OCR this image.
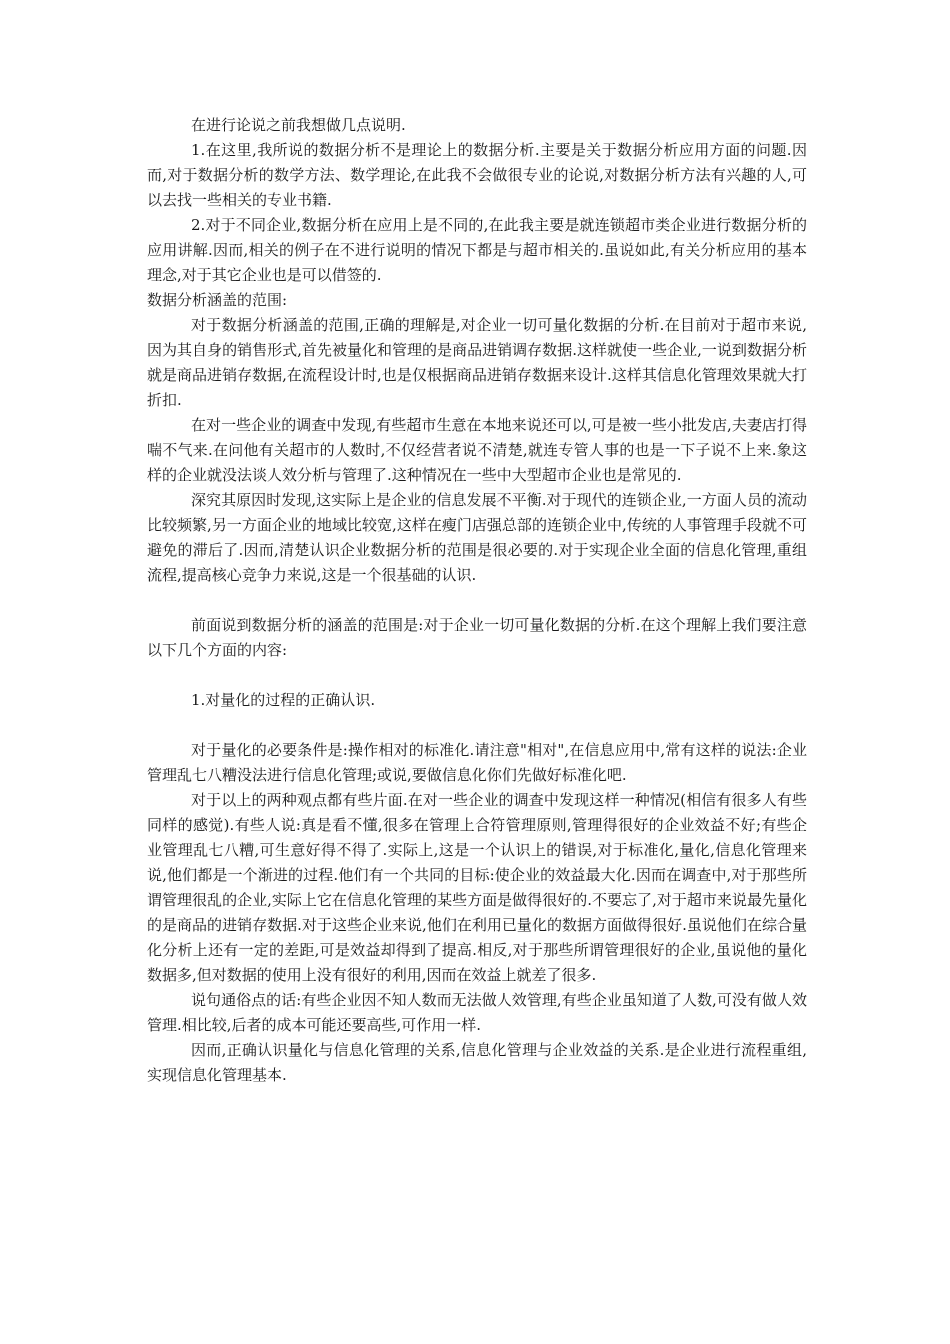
在进行论说之前我想做几点说明.

1.在这里,我所说的数据分析不是理论上的数据分析.主要是关于数据分析应用方面的问题.因而,对于数据分析的数学方法、数学理论,在此我不会做很专业的论说,对数据分析方法有兴趣的人,可以去找一些相关的专业书籍.

2.对于不同企业,数据分析在应用上是不同的,在此我主要是就连锁超市类企业进行数据分析的应用讲解.因而,相关的例子在不进行说明的情况下都是与超市相关的.虽说如此,有关分析应用的基本理念,对于其它企业也是可以借签的.

数据分析涵盖的范围:

对于数据分析涵盖的范围,正确的理解是,对企业一切可量化数据的分析.在目前对于超市来说,因为其自身的销售形式,首先被量化和管理的是商品进销调存数据.这样就使一些企业,一说到数据分析就是商品进销存数据,在流程设计时,也是仅根据商品进销存数据来设计.这样其信息化管理效果就大打折扣.

在对一些企业的调查中发现,有些超市生意在本地来说还可以,可是被一些小批发店,夫妻店打得喘不气来.在问他有关超市的人数时,不仅经营者说不清楚,就连专管人事的也是一下子说不上来.象这样的企业就没法谈人效分析与管理了.这种情况在一些中大型超市企业也是常见的.

深究其原因时发现,这实际上是企业的信息发展不平衡.对于现代的连锁企业,一方面人员的流动比较频繁,另一方面企业的地域比较宽,这样在瘦门店强总部的连锁企业中,传统的人事管理手段就不可避免的滞后了.因而,清楚认识企业数据分析的范围是很必要的.对于实现企业全面的信息化管理,重组流程,提高核心竞争力来说,这是一个很基础的认识.

前面说到数据分析的涵盖的范围是:对于企业一切可量化数据的分析.在这个理解上我们要注意以下几个方面的内容:

1.对量化的过程的正确认识.

对于量化的必要条件是:操作相对的标准化.请注意"相对",在信息应用中,常有这样的说法:企业管理乱七八糟没法进行信息化管理;或说,要做信息化你们先做好标准化吧.

对于以上的两种观点都有些片面.在对一些企业的调查中发现这样一种情况(相信有很多人有些同样的感觉).有些人说:真是看不懂,很多在管理上合符管理原则,管理得很好的企业效益不好;有些企业管理乱七八糟,可生意好得不得了.实际上,这是一个认识上的错误,对于标准化,量化,信息化管理来说,他们都是一个渐进的过程.他们有一个共同的目标:使企业的效益最大化.因而在调查中,对于那些所谓管理很乱的企业,实际上它在信息化管理的某些方面是做得很好的.不要忘了,对于超市来说最先量化的是商品的进销存数据.对于这些企业来说,他们在利用已量化的数据方面做得很好.虽说他们在综合量化分析上还有一定的差距,可是效益却得到了提高.相反,对于那些所谓管理很好的企业,虽说他的量化数据多,但对数据的使用上没有很好的利用,因而在效益上就差了很多.

说句通俗点的话:有些企业因不知人数而无法做人效管理,有些企业虽知道了人数,可没有做人效管理.相比较,后者的成本可能还要高些,可作用一样.

因而,正确认识量化与信息化管理的关系,信息化管理与企业效益的关系.是企业进行流程重组,实现信息化管理基本.
